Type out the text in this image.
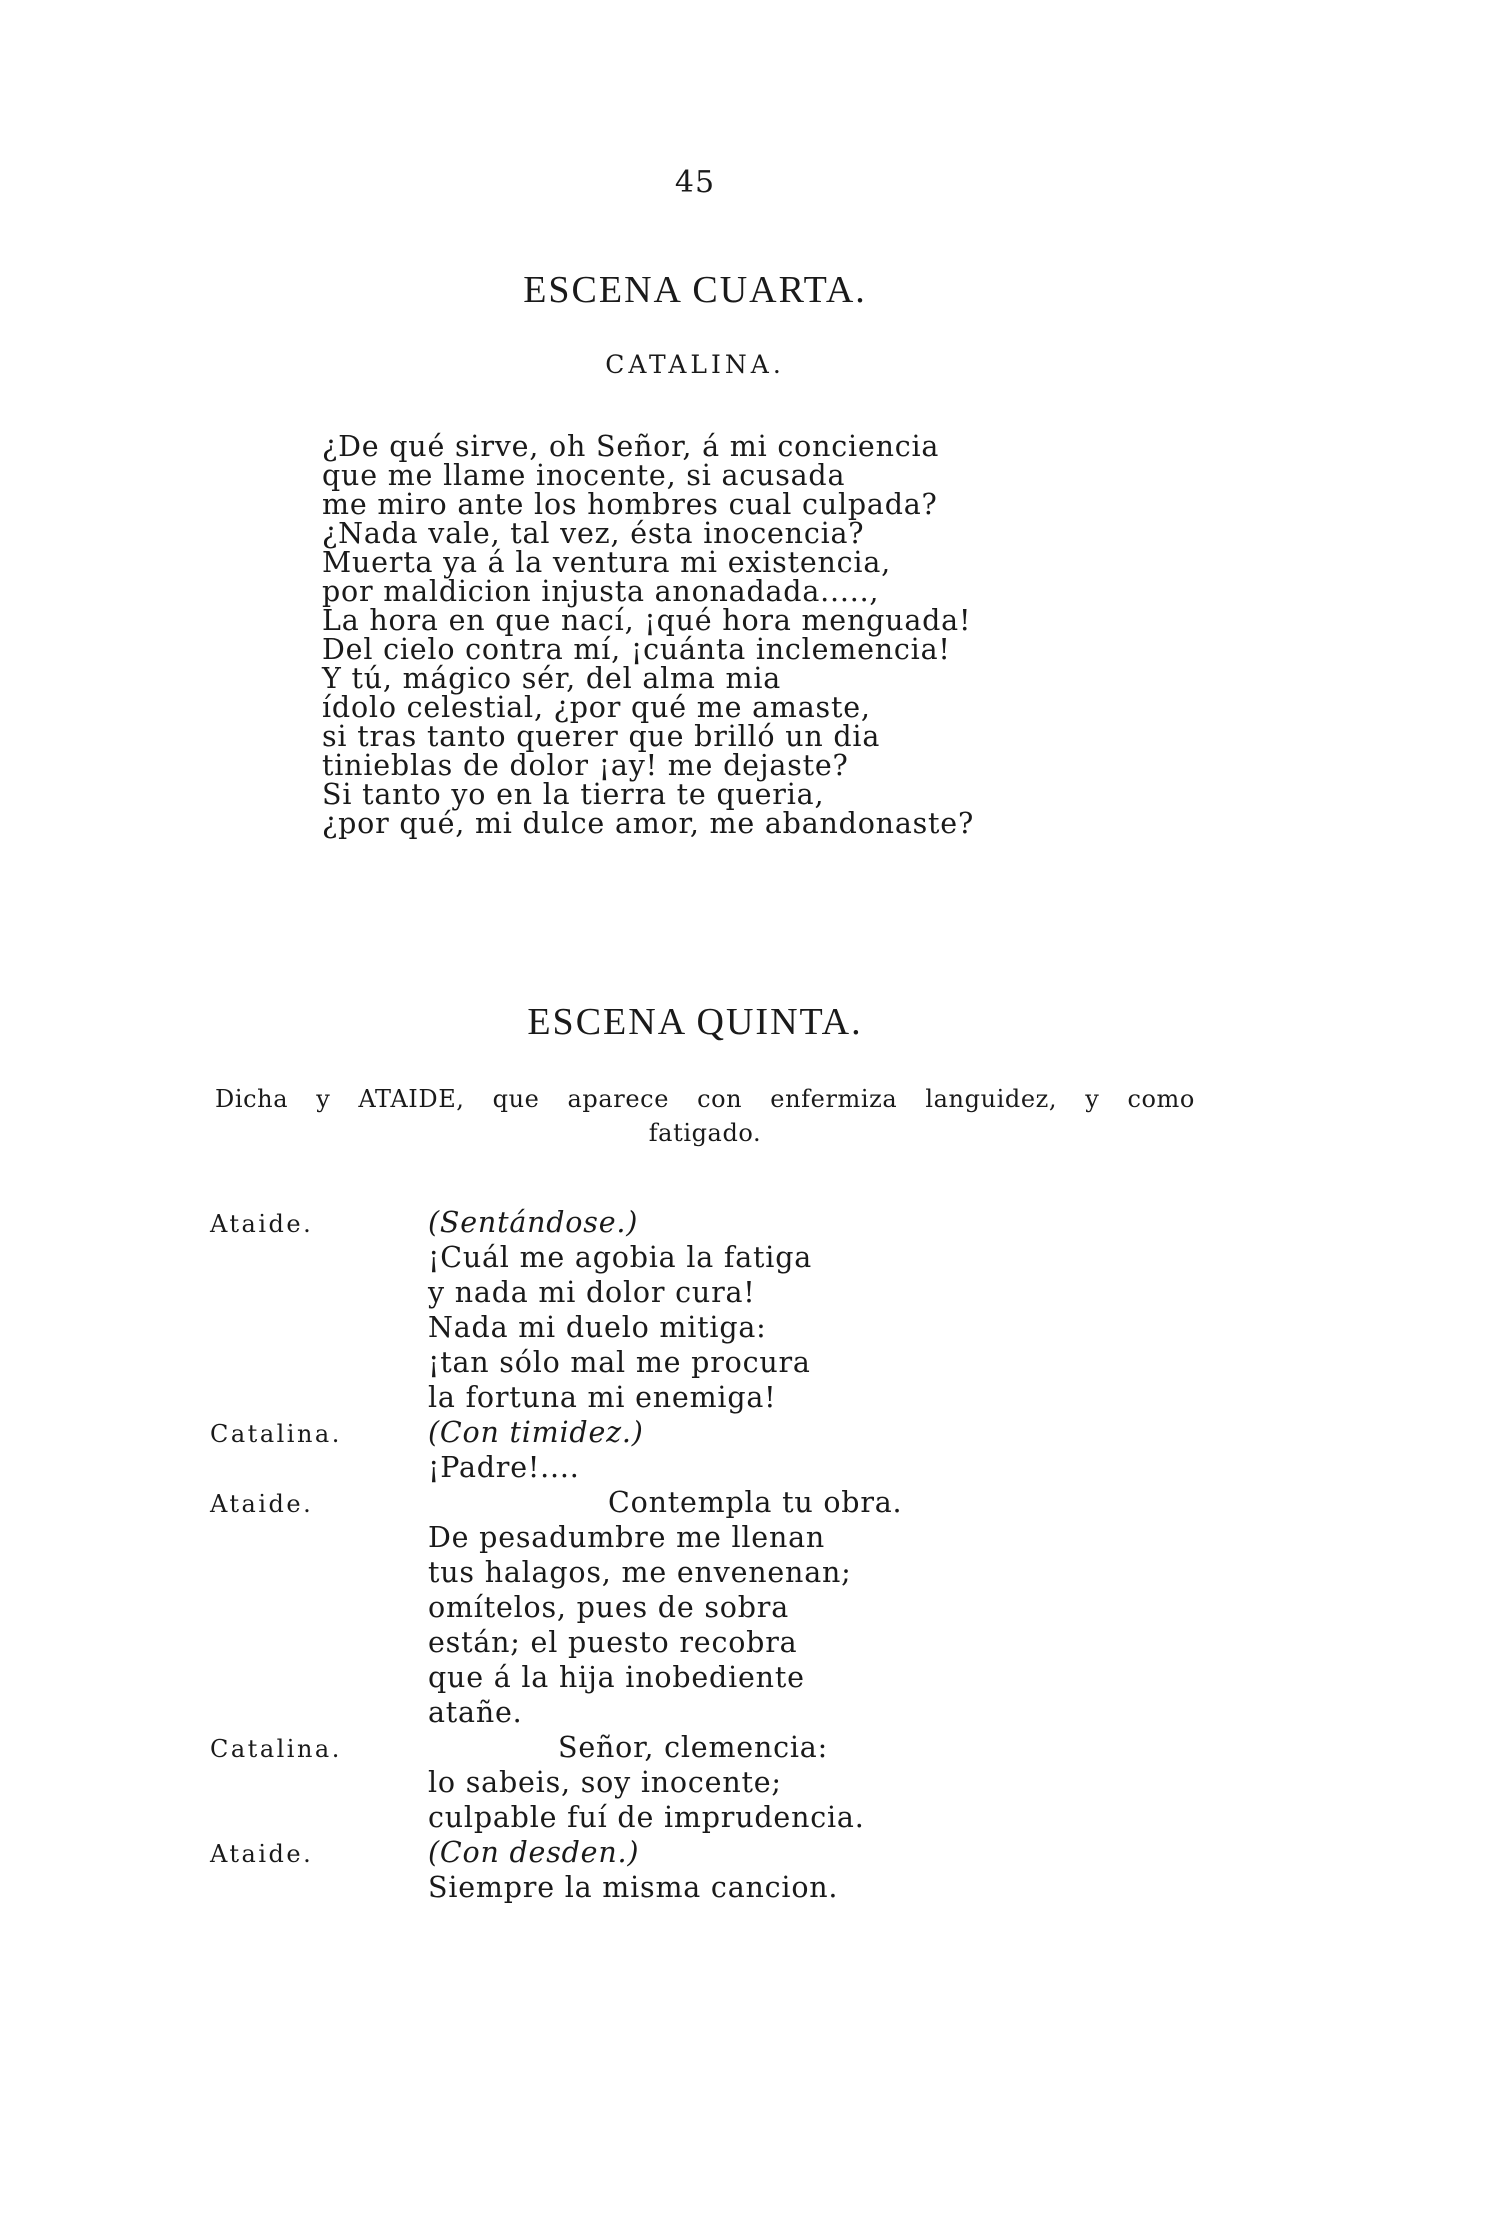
45
ESCENA CUARTA.
CATALINA.
¿De qué sirve, oh Señor, á mi conciencia
que me llame inocente, si acusada
me miro ante los hombres cual culpada?
¿Nada vale, tal vez, ésta inocencia?
Muerta ya á la ventura mi existencia,
por maldicion injusta anonadada.....,
La hora en que nací, ¡qué hora menguada!
Del cielo contra mí, ¡cuánta inclemencia!
Y tú, mágico sér, del alma mia
ídolo celestial, ¿por qué me amaste,
si tras tanto querer que brilló un dia
tinieblas de dolor ¡ay! me dejaste?
Si tanto yo en la tierra te queria,
¿por qué, mi dulce amor, me abandonaste?
ESCENA QUINTA.
Dicha y ATAIDE, que aparece con enfermiza languidez, y como
fatigado.
Ataide.	(Sentándose.)
¡Cuál me agobia la fatiga
y nada mi dolor cura!
Nada mi duelo mitiga:
¡tan sólo mal me procura
la fortuna mi enemiga!
Catalina.	(Con timidez.)
¡Padre!....
Ataide.	Contempla tu obra.
De pesadumbre me llenan
tus halagos, me envenenan;
omítelos, pues de sobra
están; el puesto recobra
que á la hija inobediente
atañe.
Catalina.	Señor, clemencia:
lo sabeis, soy inocente;
culpable fuí de imprudencia.
Ataide.	(Con desden.)
Siempre la misma cancion.
